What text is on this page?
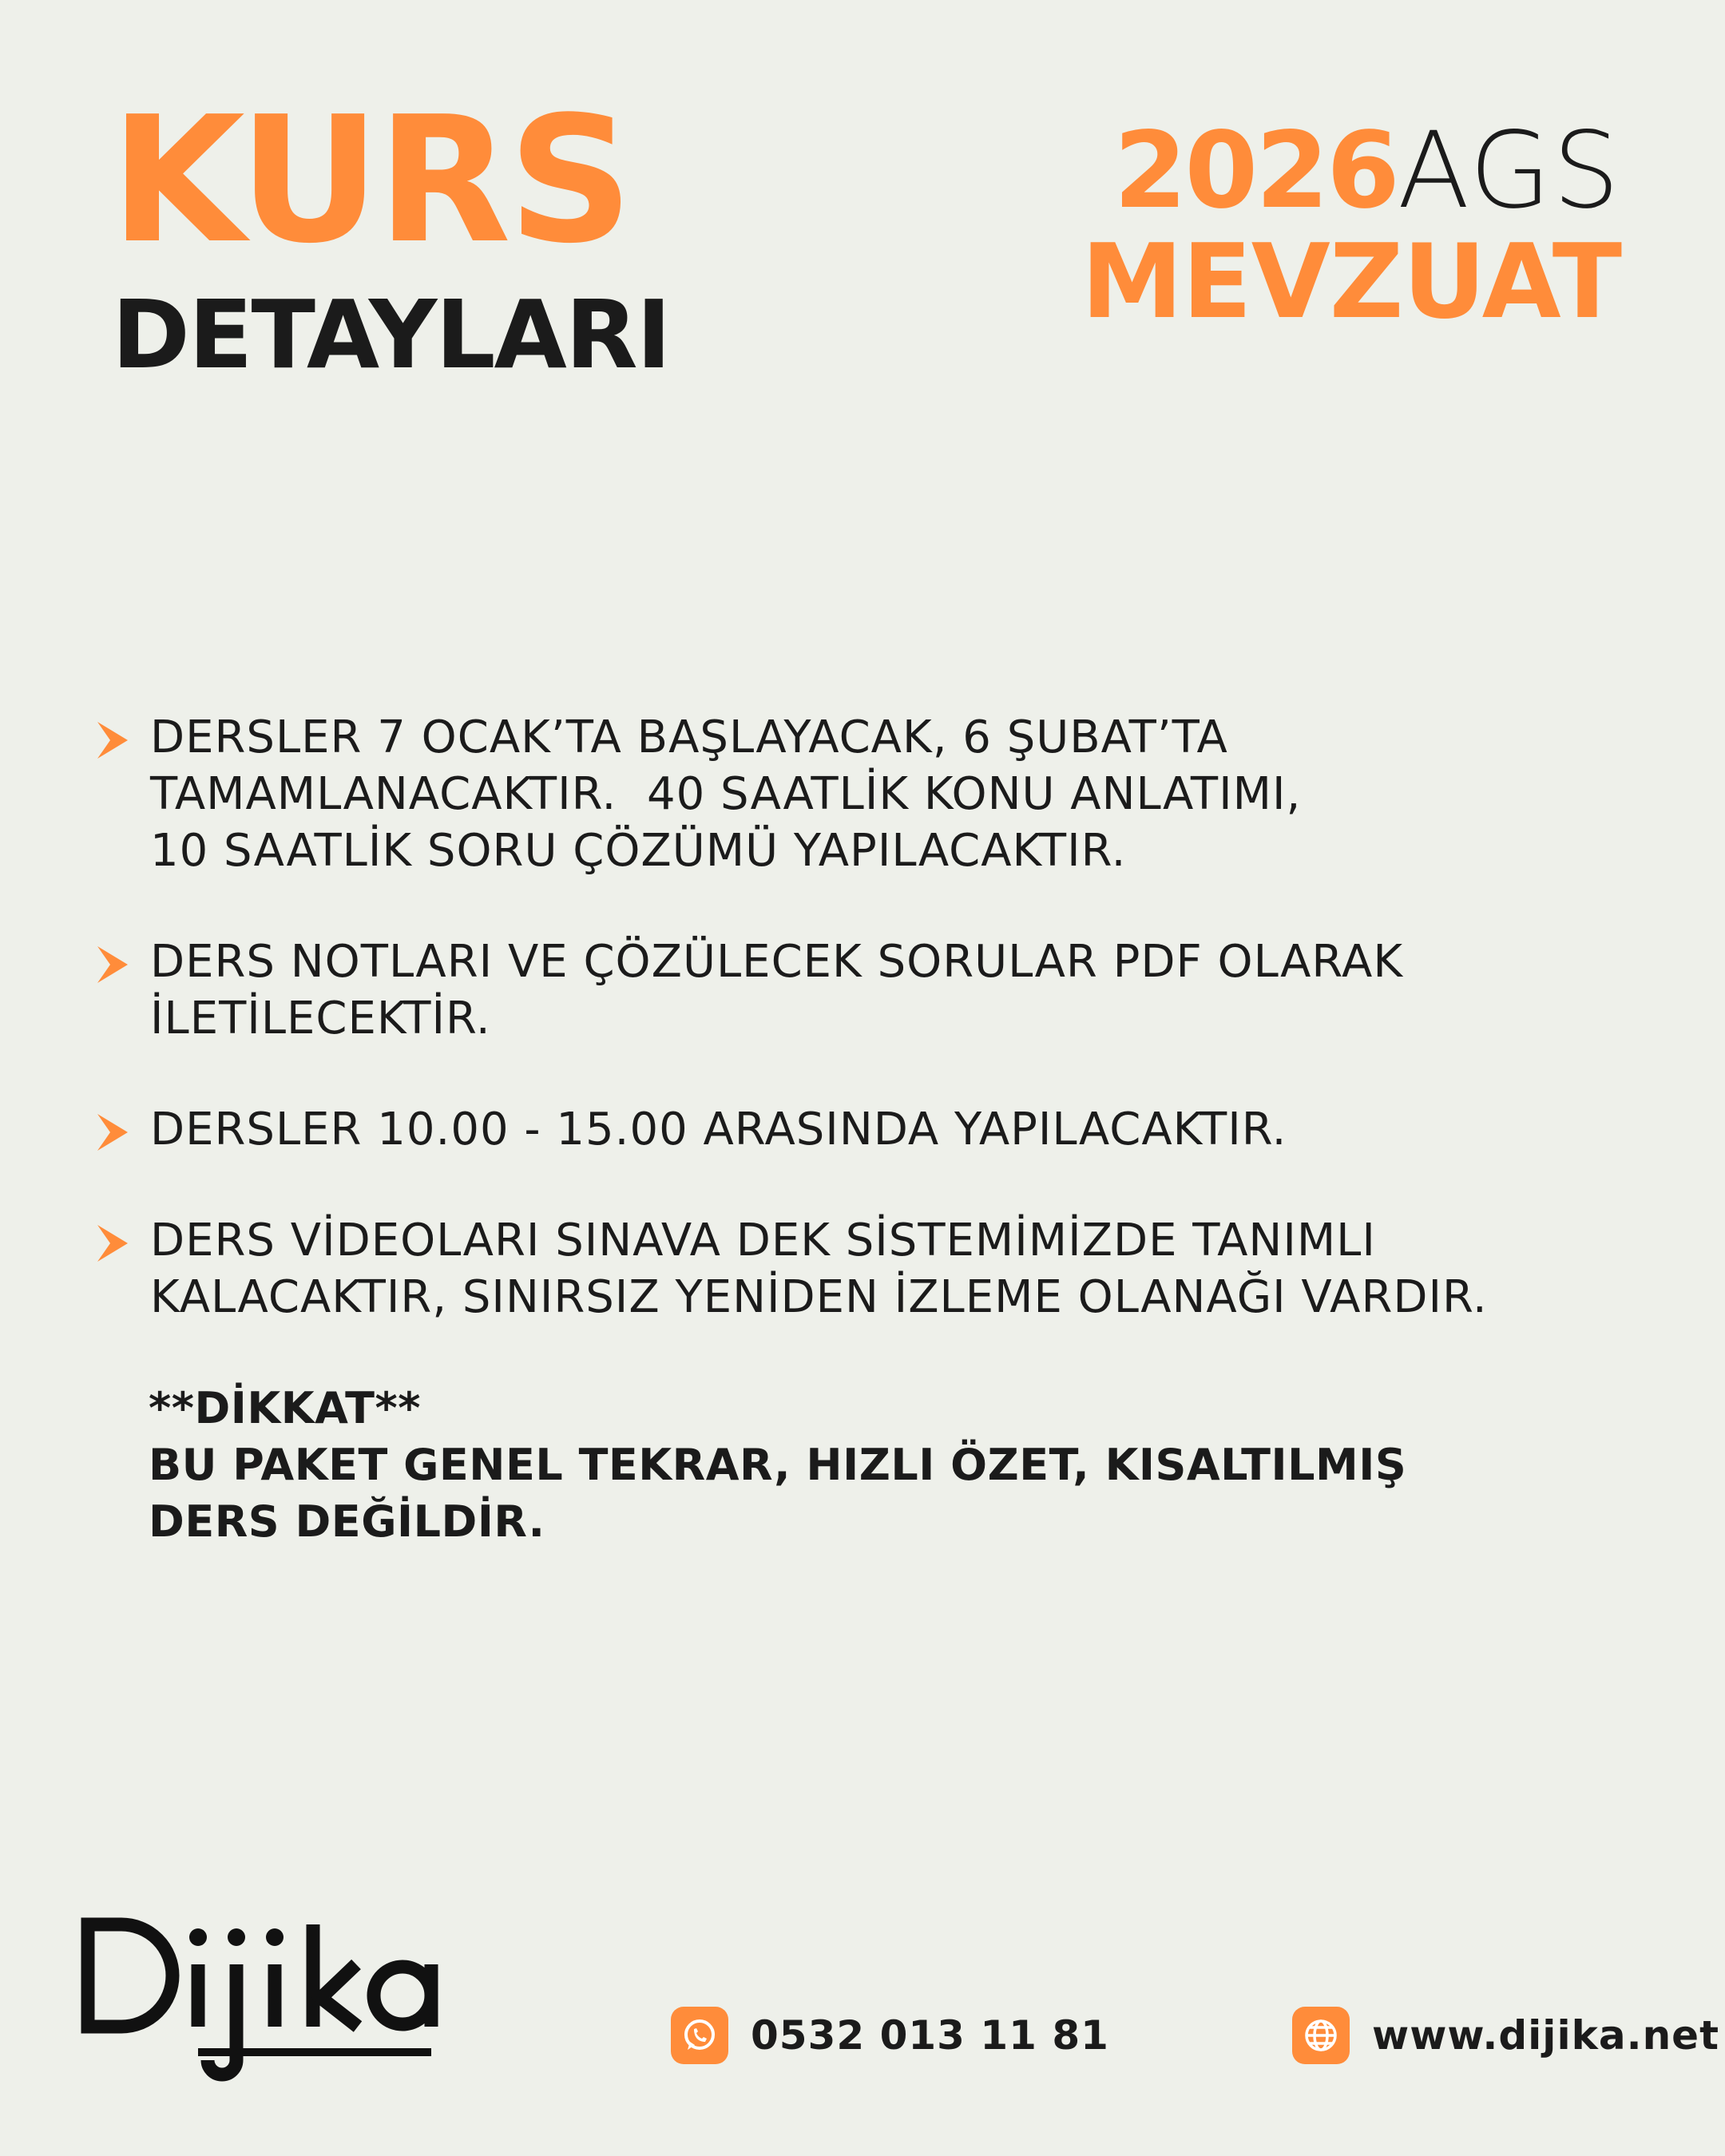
KURS
DETAYLARI
2026 AGS
MEVZUAT
DERSLER 7 OCAK’TA BAŞLAYACAK, 6 ŞUBAT’TA
TAMAMLANACAKTIR.  40 SAATLİK KONU ANLATIMI,
10 SAATLİK SORU ÇÖZÜMÜ YAPILACAKTIR.
DERS NOTLARI VE ÇÖZÜLECEK SORULAR PDF OLARAK
İLETİLECEKTİR.
DERSLER 10.00 - 15.00 ARASINDA YAPILACAKTIR.
DERS VİDEOLARI SINAVA DEK SİSTEMİMİZDE TANIMLI
KALACAKTIR, SINIRSIZ YENİDEN İZLEME OLANAĞI VARDIR.
**DİKKAT**
BU PAKET GENEL TEKRAR, HIZLI ÖZET, KISALTILMIŞ
DERS DEĞİLDİR.
0532 013 11 81	www.dijika.net
